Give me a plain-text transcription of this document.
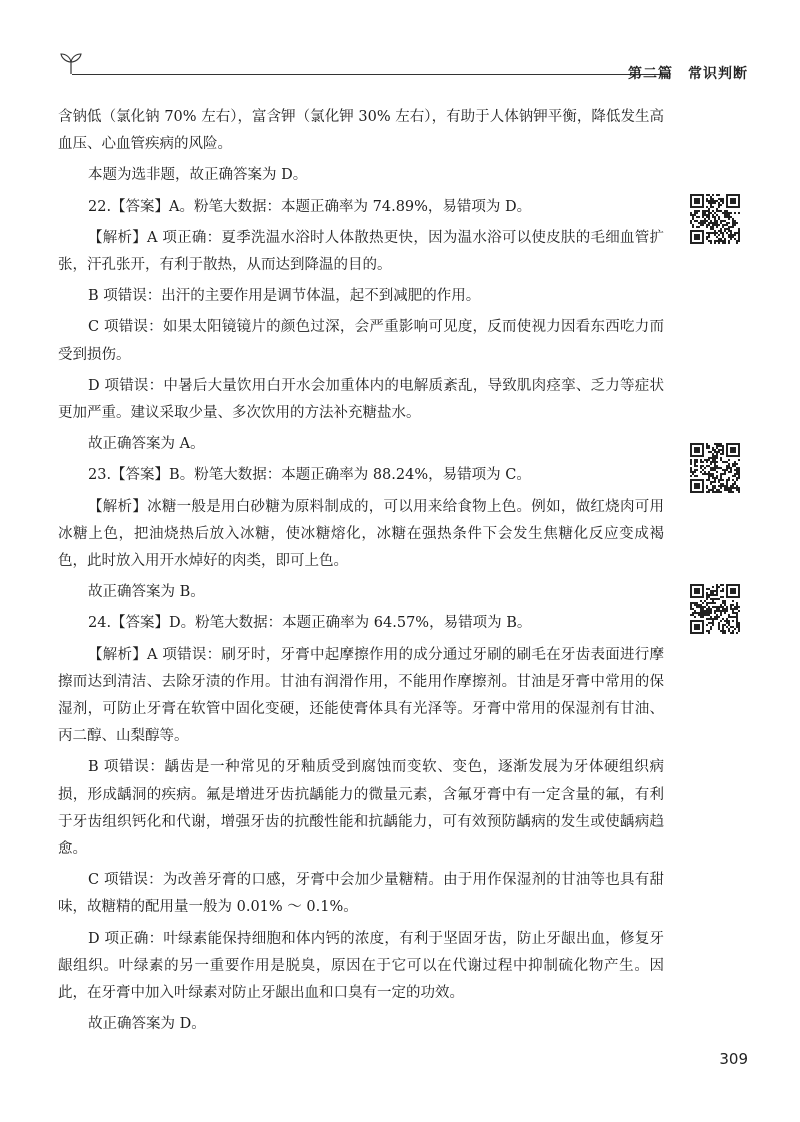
第二篇　常识判断

含钠低（氯化钠 70% 左右），富含钾（氯化钾 30% 左右），有助于人体钠钾平衡，降低发生高血压、心血管疾病的风险。

本题为选非题，故正确答案为 D。

22.【答案】A。粉笔大数据：本题正确率为 74.89%，易错项为 D。

【解析】A 项正确：夏季洗温水浴时人体散热更快，因为温水浴可以使皮肤的毛细血管扩张，汗孔张开，有利于散热，从而达到降温的目的。

B 项错误：出汗的主要作用是调节体温，起不到减肥的作用。

C 项错误：如果太阳镜镜片的颜色过深，会严重影响可见度，反而使视力因看东西吃力而受到损伤。

D 项错误：中暑后大量饮用白开水会加重体内的电解质紊乱，导致肌肉痉挛、乏力等症状更加严重。建议采取少量、多次饮用的方法补充糖盐水。

故正确答案为 A。

23.【答案】B。粉笔大数据：本题正确率为 88.24%，易错项为 C。

【解析】冰糖一般是用白砂糖为原料制成的，可以用来给食物上色。例如，做红烧肉可用冰糖上色，把油烧热后放入冰糖，使冰糖熔化，冰糖在强热条件下会发生焦糖化反应变成褐色，此时放入用开水焯好的肉类，即可上色。

故正确答案为 B。

24.【答案】D。粉笔大数据：本题正确率为 64.57%，易错项为 B。

【解析】A 项错误：刷牙时，牙膏中起摩擦作用的成分通过牙刷的刷毛在牙齿表面进行摩擦而达到清洁、去除牙渍的作用。甘油有润滑作用，不能用作摩擦剂。甘油是牙膏中常用的保湿剂，可防止牙膏在软管中固化变硬，还能使膏体具有光泽等。牙膏中常用的保湿剂有甘油、丙二醇、山梨醇等。

B 项错误：龋齿是一种常见的牙釉质受到腐蚀而变软、变色，逐渐发展为牙体硬组织病损，形成龋洞的疾病。氟是增进牙齿抗龋能力的微量元素，含氟牙膏中有一定含量的氟，有利于牙齿组织钙化和代谢，增强牙齿的抗酸性能和抗龋能力，可有效预防龋病的发生或使龋病趋愈。

C 项错误：为改善牙膏的口感，牙膏中会加少量糖精。由于用作保湿剂的甘油等也具有甜味，故糖精的配用量一般为 0.01% ～ 0.1%。

D 项正确：叶绿素能保持细胞和体内钙的浓度，有利于坚固牙齿，防止牙龈出血，修复牙龈组织。叶绿素的另一重要作用是脱臭，原因在于它可以在代谢过程中抑制硫化物产生。因此，在牙膏中加入叶绿素对防止牙龈出血和口臭有一定的功效。

故正确答案为 D。

309
